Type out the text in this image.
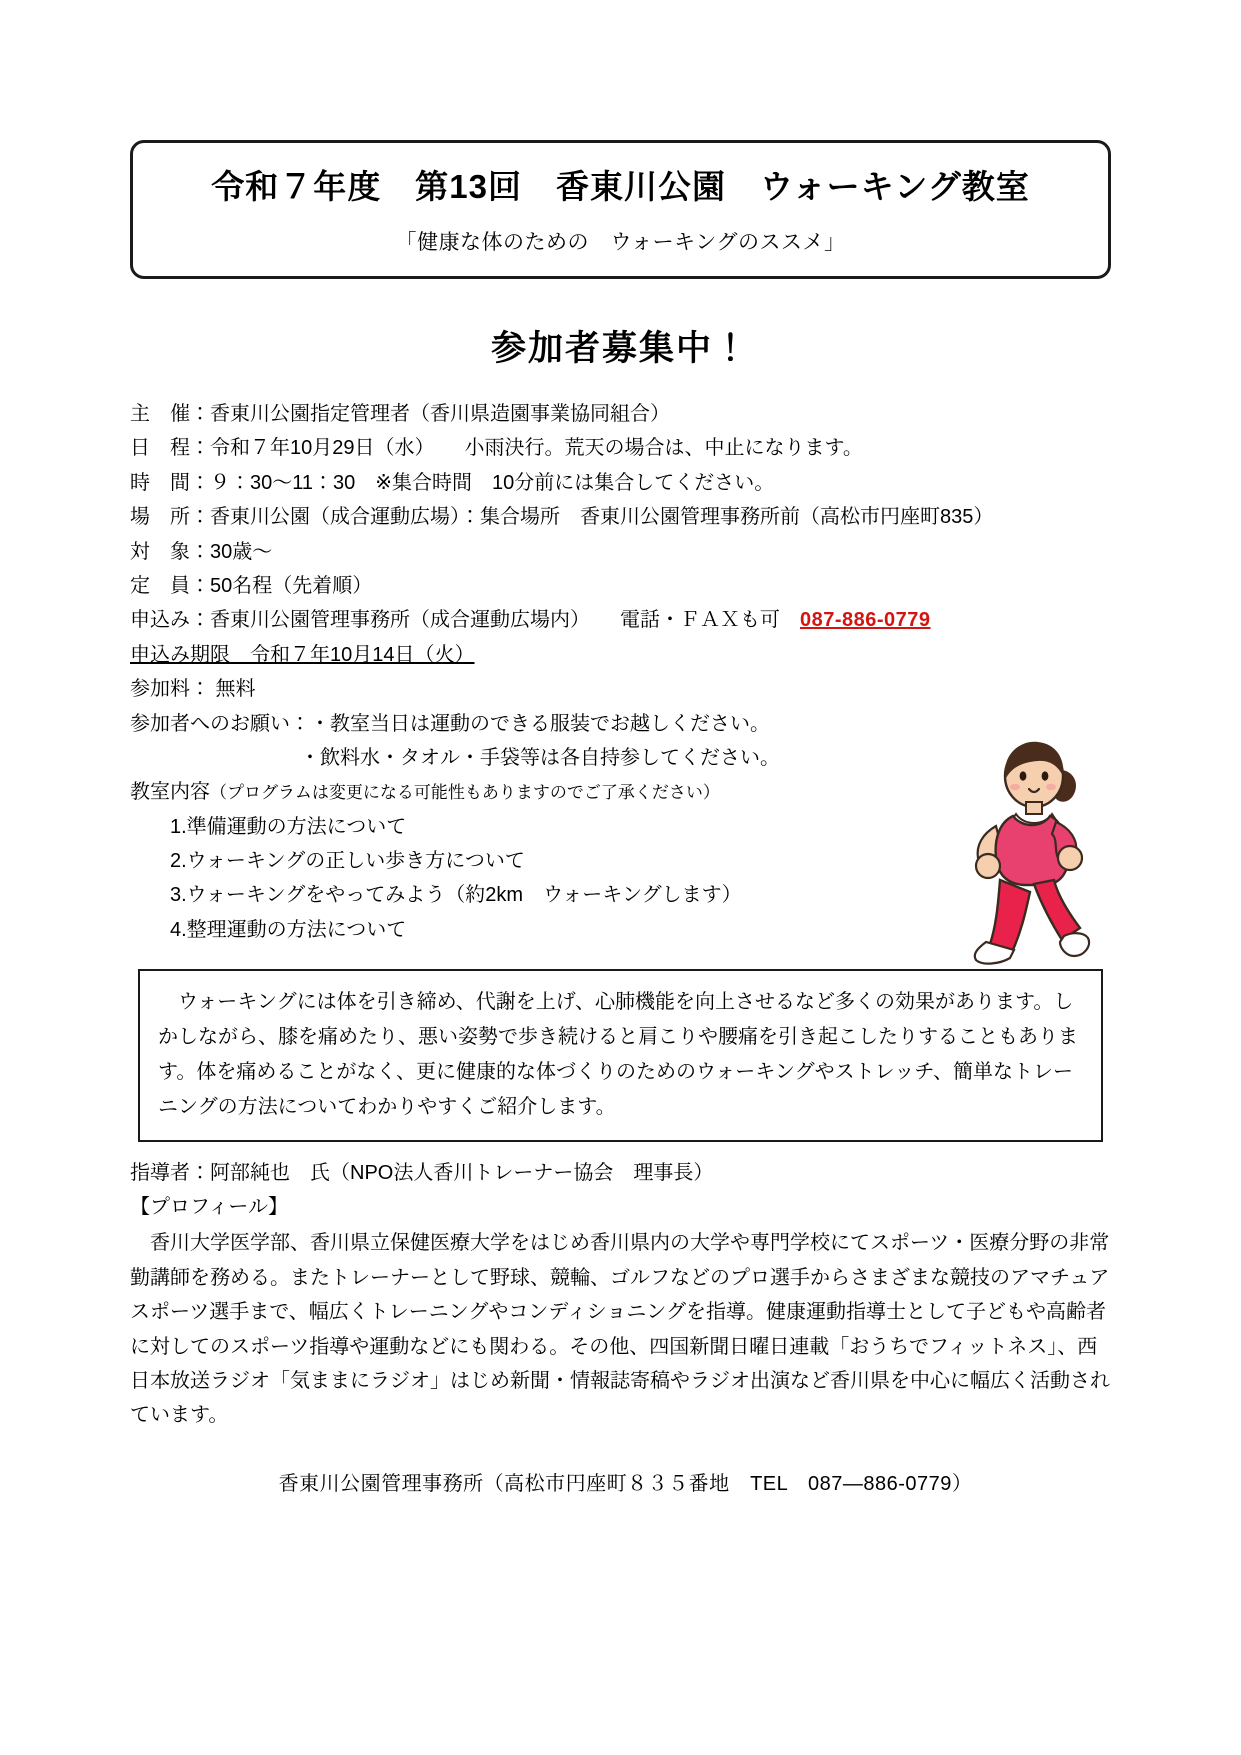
令和７年度　第13回　香東川公園　ウォーキング教室
「健康な体のための　ウォーキングのススメ」
参加者募集中！
主　催：香東川公園指定管理者（香川県造園事業協同組合）
日　程：令和７年10月29日（水）　　小雨決行。荒天の場合は、中止になります。
時　間：９：30〜11：30　※集合時間　10分前には集合してください。
場　所：香東川公園（成合運動広場）：集合場所　香東川公園管理事務所前（高松市円座町835）
対　象：30歳〜
定　員：50名程（先着順）
申込み：香東川公園管理事務所（成合運動広場内）　　電話・ＦＡＸも可　087-886-0779
申込み期限　令和７年10月14日（火）
参加料： 無料
参加者へのお願い：・教室当日は運動のできる服装でお越しください。
・飲料水・タオル・手袋等は各自持参してください。
教室内容（プログラムは変更になる可能性もありますのでご了承ください）
1.準備運動の方法について
2.ウォーキングの正しい歩き方について
3.ウォーキングをやってみよう（約2km　ウォーキングします）
4.整理運動の方法について

ウォーキングには体を引き締め、代謝を上げ、心肺機能を向上させるなど多くの効果があります。しかしながら、膝を痛めたり、悪い姿勢で歩き続けると肩こりや腰痛を引き起こしたりすることもあります。体を痛めることがなく、更に健康的な体づくりのためのウォーキングやストレッチ、簡単なトレーニングの方法についてわかりやすくご紹介します。

指導者：阿部純也　氏（NPO法人香川トレーナー協会　理事長）
【プロフィール】

香川大学医学部、香川県立保健医療大学をはじめ香川県内の大学や専門学校にてスポーツ・医療分野の非常勤講師を務める。またトレーナーとして野球、競輪、ゴルフなどのプロ選手からさまざまな競技のアマチュアスポーツ選手まで、幅広くトレーニングやコンディショニングを指導。健康運動指導士として子どもや高齢者に対してのスポーツ指導や運動などにも関わる。その他、四国新聞日曜日連載「おうちでフィットネス」、西日本放送ラジオ「気ままにラジオ」はじめ新聞・情報誌寄稿やラジオ出演など香川県を中心に幅広く活動されています。

香東川公園管理事務所（高松市円座町８３５番地　TEL　087—886-0779）
